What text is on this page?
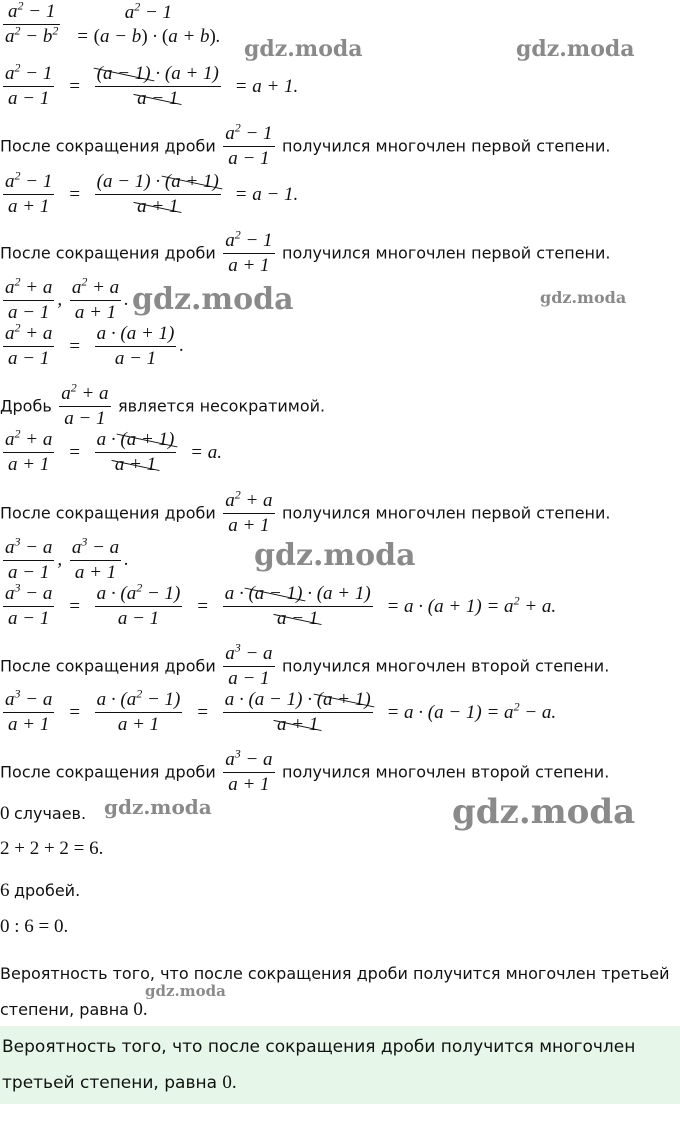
$\frac{a^2 - 1}{a^2 - b^2}$
	$a^2 - 1$
= (a − b) · (a + b).
$\frac{a^2 - 1}{a - 1} = (a - 1)$
· (a + 1)
a − 1 = a + 1.
После сокращения дроби $\frac{a^2 - 1}{a - 1}$ получился многочлен первой степени.
$\frac{a^2 - 1}{a + 1} = \frac{(a - 1) \cdot (a + 1)}{a + 1} = a - 1$.
После сокращения дроби $\frac{a^2 - 1}{a + 1}$ получился многочлен первой степени.
$\frac{a^2 + a}{a - 1}$ , $\frac{a^2 + a}{a + 1}$ .
$\frac{a^2 + a}{a - 1} = \frac{a \cdot (a + 1)}{a - 1}$ .
Дробь $\frac{a^2 + a}{a - 1}$ является несократимой.
$\frac{a^2 + a}{a + 1} = \frac{a \cdot (a + 1)}{a + 1} = a$.
После сокращения дроби $\frac{a^2 + a}{a + 1}$ получился многочлен первой степени.
$\frac{a^3 - a}{a - 1}$ , $\frac{a^3 - a}{a + 1}$ .
$\frac{a^3 - a}{a - 1} = \frac{a \cdot (a^2 - 1)}{a - 1} = a \cdot (a - 1)$
· (a + 1)
$a - 1 = a \cdot (a + 1) = a^2 + a$.
После сокращения дроби $\frac{a^3 - a}{a - 1}$ получился многочлен второй степени.
$\frac{a^3 - a}{a + 1} = \frac{a \cdot (a^2 - 1)}{a + 1} = \frac{a \cdot (a - 1) \cdot (a + 1)}{a + 1} = a \cdot (a - 1) = a^2 - a$.
После сокращения дроби $\frac{a^3 - a}{a + 1}$ получился многочлен второй степени.
0 случаев.
2 + 2 + 2 = 6.
6 дробей.
0 : 6 = 0.
Вероятность того, что после сокращения дроби получится многочлен третьей
степени, равна 0.
Вероятность того, что после сокращения дроби получится многочлен
третьей степени, равна 0.
gdz.moda	gdz.moda
gdz.moda	gdz.moda
gdz.moda
gdz.moda	gdz.moda
gdz.moda
